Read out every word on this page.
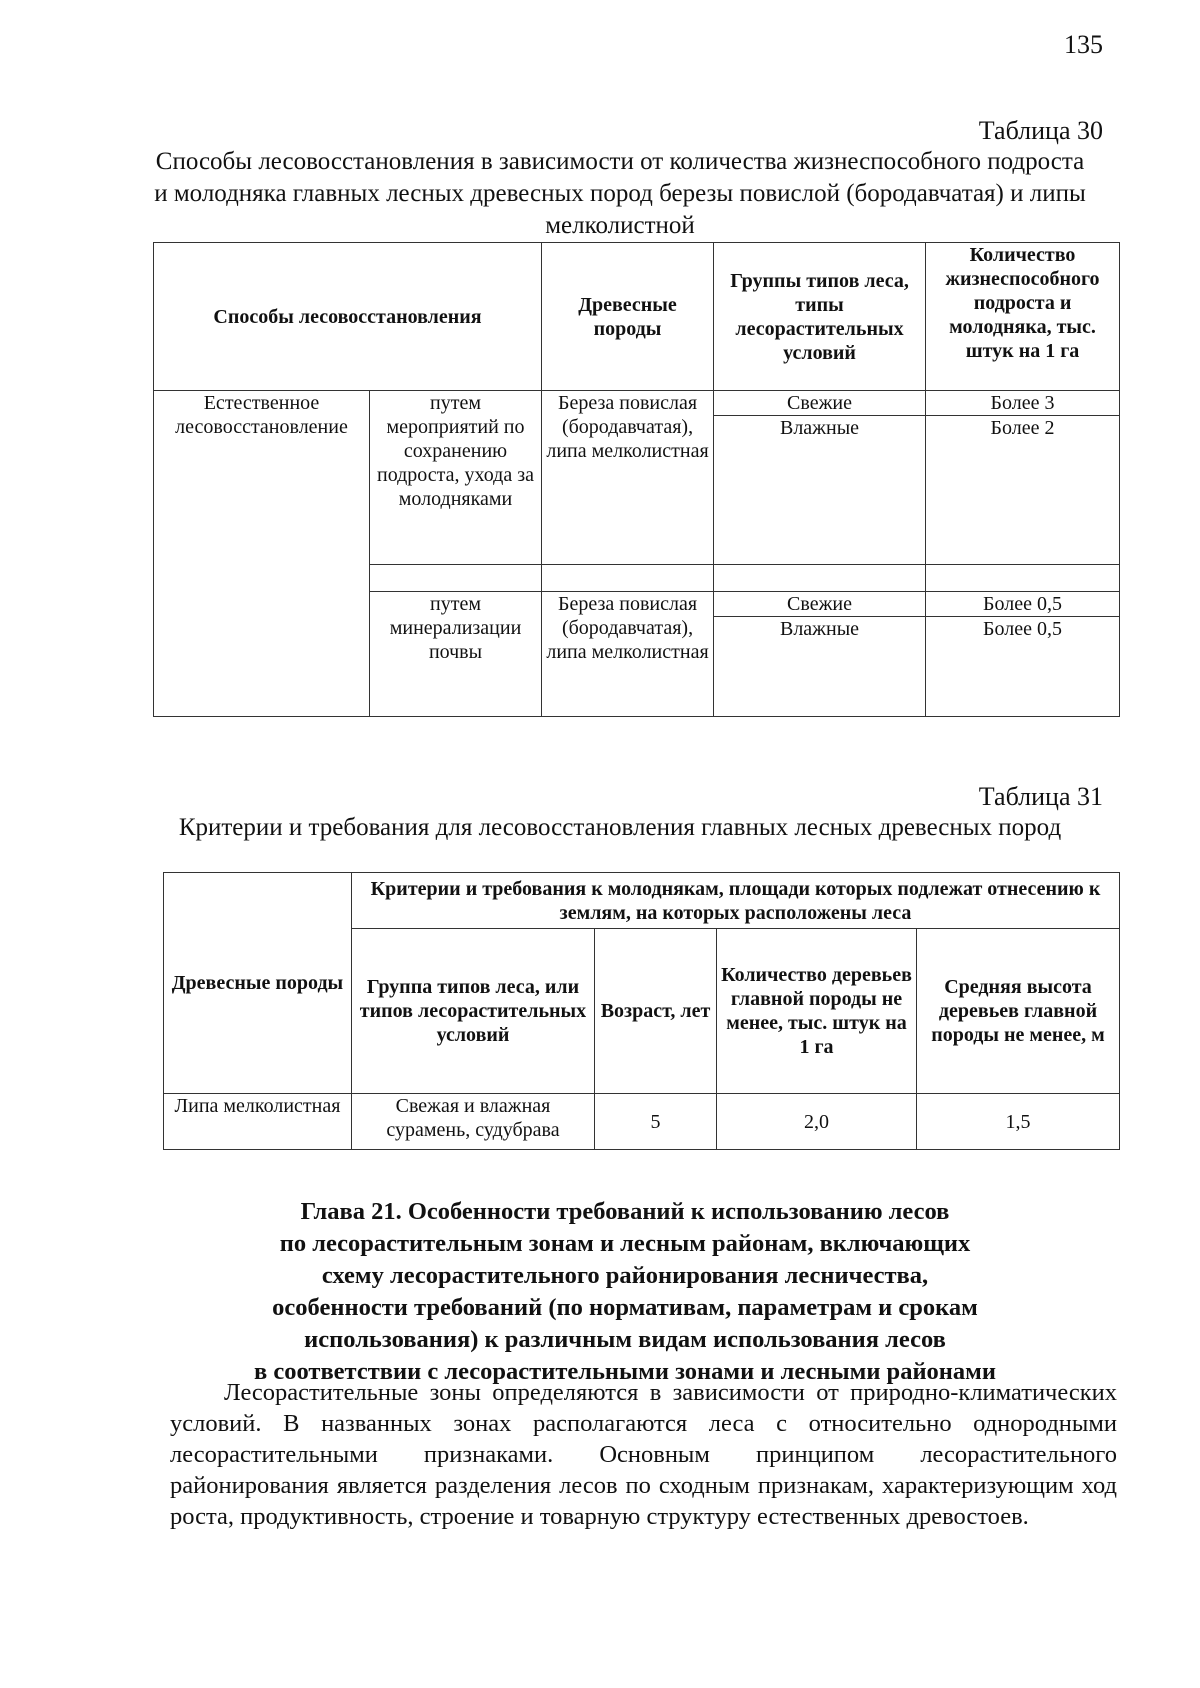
135
Таблица 30
Способы лесовосстановления в зависимости от количества жизнеспособного подроста и молодняка главных лесных древесных пород березы повислой (бородавчатая) и липы мелколистной
Способы лесовосстановления		Древесные породы	Группы типов леса, типы лесорастительных условий	Количество жизнеспособного подроста и молодняка, тыс. штук на 1 га
Естественное лесовосстановление	путем мероприятий по сохранению подроста, ухода за молодняками	Береза повислая (бородавчатая), липа мелколистная	Свежие	Более 3
			Влажные	Более 2

	путем минерализации почвы	Береза повислая (бородавчатая), липа мелколистная	Свежие	Более 0,5
			Влажные	Более 0,5
Таблица 31
Критерии и требования для лесовосстановления главных лесных древесных пород
Древесные породы	Критерии и требования к молоднякам, площади которых подлежат отнесению к землям, на которых расположены леса			
	Группа типов леса, или типов лесорастительных условий	Возраст, лет	Количество деревьев главной породы не менее, тыс. штук на 1 га	Средняя высота деревьев главной породы не менее, м
Липа мелколистная	Свежая и влажная сурамень, судубрава	5	2,0	1,5
Глава 21. Особенности требований к использованию лесов
по лесорастительным зонам и лесным районам, включающих
схему лесорастительного районирования лесничества,
особенности требований (по нормативам, параметрам и срокам
использования) к различным видам использования лесов
в соответствии с лесорастительными зонами и лесными районами

Лесорастительные зоны определяются в зависимости от природно-климатических условий. В названных зонах располагаются леса с относительно однородными лесорастительными признаками. Основным принципом лесорастительного районирования является разделения лесов по сходным признакам, характеризующим ход роста, продуктивность, строение и товарную структуру естественных древостоев.
